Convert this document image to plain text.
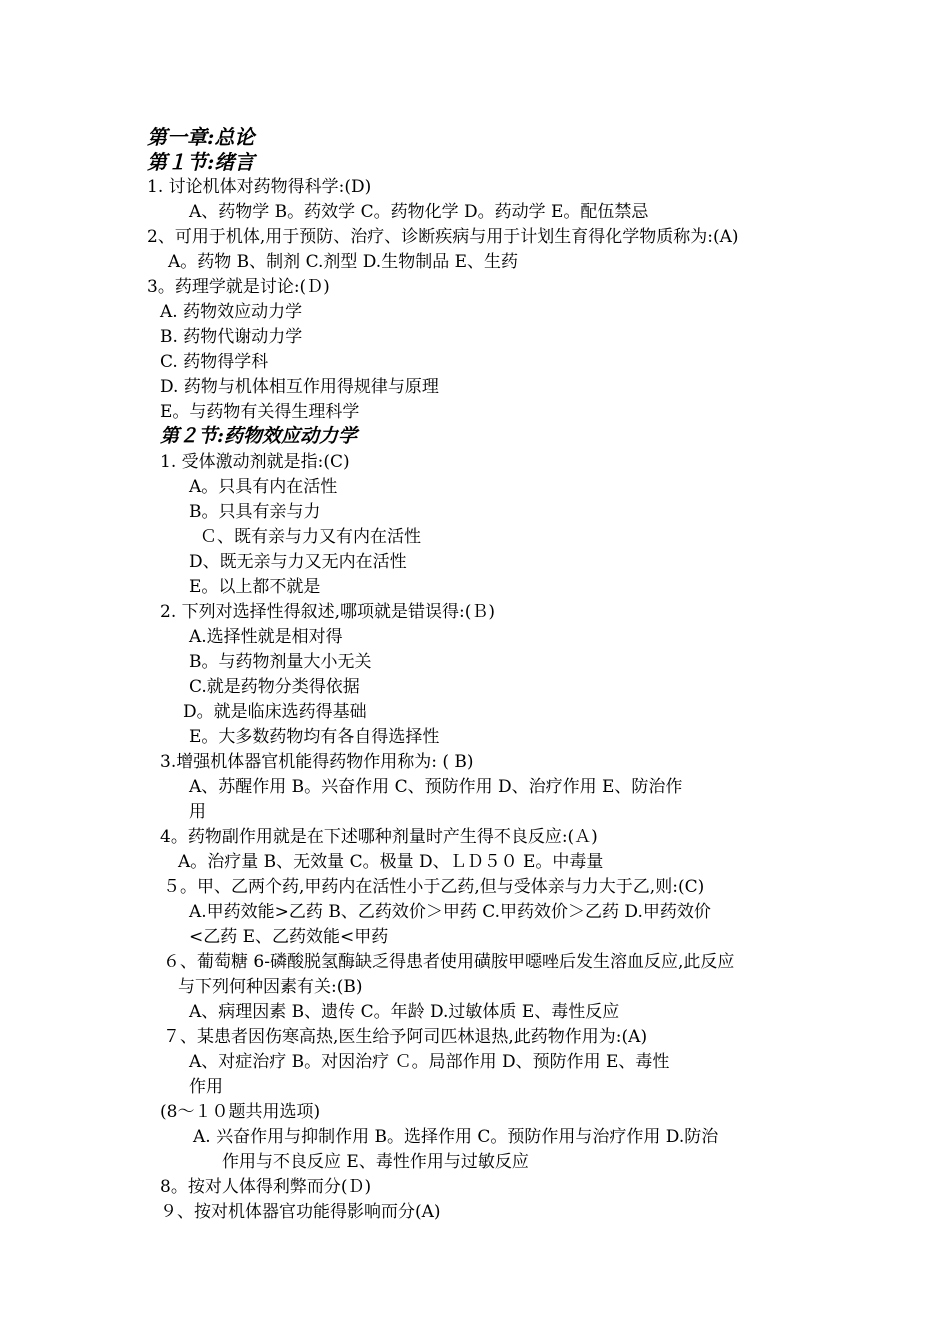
第一章:总论
第１节:绪言
1. 讨论机体对药物得科学:(D)
A、药物学 B。药效学 C。药物化学 D。药动学 E。配伍禁忌
2、可用于机体,用于预防、治疗、诊断疾病与用于计划生育得化学物质称为:(A)
A。药物 B、制剂 C.剂型 D.生物制品 E、生药
3。药理学就是讨论:(Ｄ)
A. 药物效应动力学
B. 药物代谢动力学
C. 药物得学科
D. 药物与机体相互作用得规律与原理
E。与药物有关得生理科学
第２节:药物效应动力学
1. 受体激动剂就是指:(C)
A。只具有内在活性
B。只具有亲与力
Ｃ、既有亲与力又有内在活性
D、既无亲与力又无内在活性
E。以上都不就是
2. 下列对选择性得叙述,哪项就是错误得:(Ｂ)
A.选择性就是相对得
B。与药物剂量大小无关
C.就是药物分类得依据
D。就是临床选药得基础
E。大多数药物均有各自得选择性
3.增强机体器官机能得药物作用称为: ( B)
A、苏醒作用 B。兴奋作用 C、预防作用 D、治疗作用 E、防治作
用
4。药物副作用就是在下述哪种剂量时产生得不良反应:(Ａ)
A。治疗量 B、无效量 C。极量 D、ＬＤ５０ E。中毒量
５。甲、乙两个药,甲药内在活性小于乙药,但与受体亲与力大于乙,则:(C)
A.甲药效能>乙药 B、乙药效价＞甲药 C.甲药效价＞乙药 D.甲药效价
<乙药 E、乙药效能<甲药
６、葡萄糖 6-磷酸脱氢酶缺乏得患者使用磺胺甲噁唑后发生溶血反应,此反应
与下列何种因素有关:(B)
A、病理因素 B、遗传 C。年龄 D.过敏体质 E、毒性反应
７、某患者因伤寒高热,医生给予阿司匹林退热,此药物作用为:(A)
A、对症治疗 B。对因治疗 Ｃ。局部作用 D、预防作用 E、毒性
作用
(8～１０题共用选项)
A. 兴奋作用与抑制作用 B。选择作用 C。预防作用与治疗作用 D.防治
作用与不良反应 E、毒性作用与过敏反应
8。按对人体得利弊而分(Ｄ)
９、按对机体器官功能得影响而分(A)
